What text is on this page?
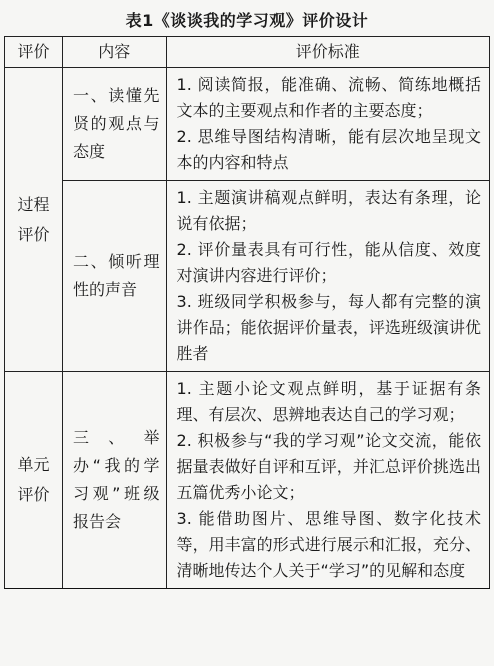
表1《谈谈我的学习观》评价设计
评价	内容	评价标准
过程评价	一、读懂先贤的观点与态度	1. 阅读简报，能准确、流畅、简练地概括文本的主要观点和作者的主要态度；
2. 思维导图结构清晰，能有层次地呈现文本的内容和特点

	二、倾听理性的声音	1. 主题演讲稿观点鲜明，表达有条理，论说有依据；
2. 评价量表具有可行性，能从信度、效度对演讲内容进行评价；
3. 班级同学积极参与，每人都有完整的演讲作品；能依据评价量表，评选班级演讲优胜者

单元评价	三、举办“我的学习观”班级报告会	1. 主题小论文观点鲜明，基于证据有条理、有层次、思辨地表达自己的学习观；
2. 积极参与“我的学习观”论文交流，能依据量表做好自评和互评，并汇总评价挑选出五篇优秀小论文；
3. 能借助图片、思维导图、数字化技术等，用丰富的形式进行展示和汇报，充分、清晰地传达个人关于“学习”的见解和态度
